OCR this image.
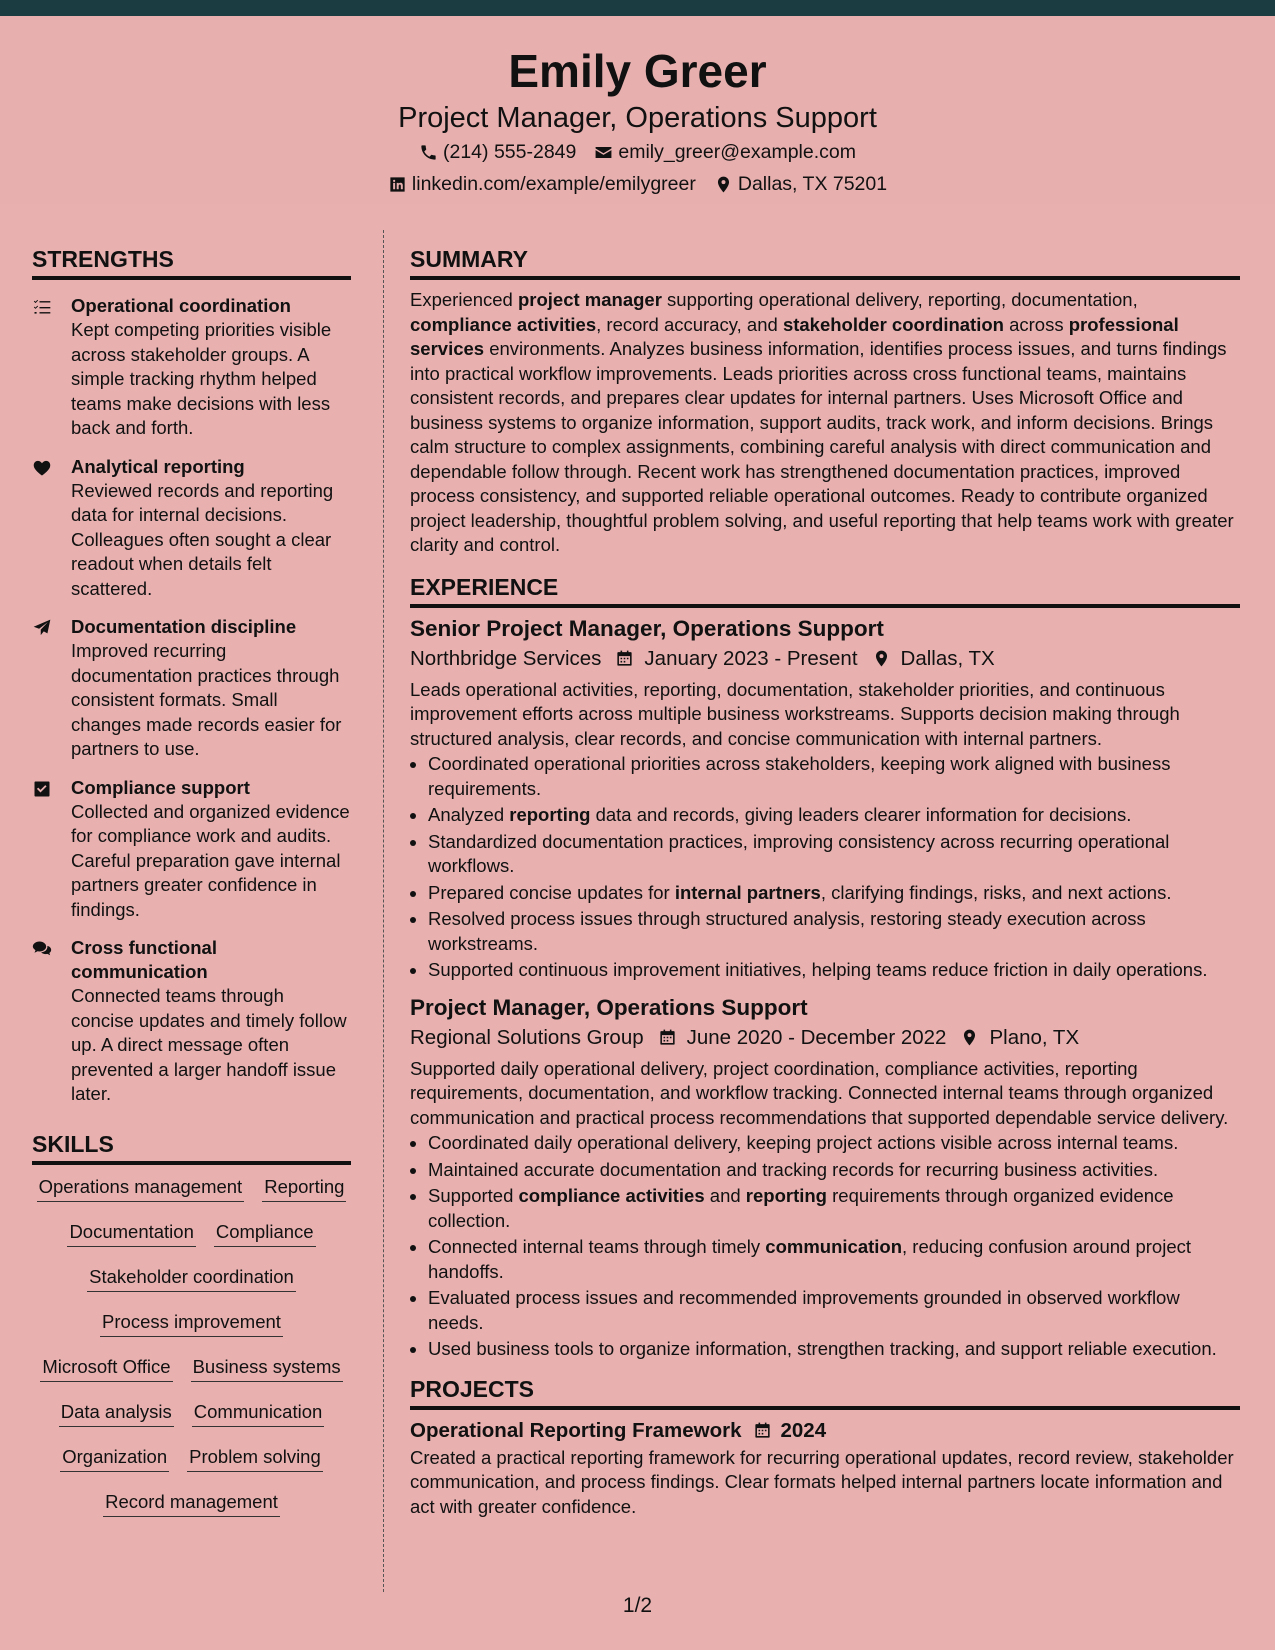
Emily Greer
Project Manager, Operations Support
(214) 555-2849 emily_greer@example.com
linkedin.com/example/emilygreer Dallas, TX 75201
STRENGTHS
Operational coordination
Kept competing priorities visible across stakeholder groups. A simple tracking rhythm helped teams make decisions with less back and forth.
Analytical reporting
Reviewed records and reporting data for internal decisions. Colleagues often sought a clear readout when details felt scattered.
Documentation discipline
Improved recurring documentation practices through consistent formats. Small changes made records easier for partners to use.
Compliance support
Collected and organized evidence for compliance work and audits. Careful preparation gave internal partners greater confidence in findings.
Cross functional communication
Connected teams through concise updates and timely follow up. A direct message often prevented a larger handoff issue later.
SKILLS
Operations management Reporting
Documentation Compliance
Stakeholder coordination
Process improvement
Microsoft Office Business systems
Data analysis Communication
Organization Problem solving
Record management
SUMMARY

Experienced project manager supporting operational delivery, reporting, documentation, compliance activities, record accuracy, and stakeholder coordination across professional services environments. Analyzes business information, identifies process issues, and turns findings into practical workflow improvements. Leads priorities across cross functional teams, maintains consistent records, and prepares clear updates for internal partners. Uses Microsoft Office and business systems to organize information, support audits, track work, and inform decisions. Brings calm structure to complex assignments, combining careful analysis with direct communication and dependable follow through. Recent work has strengthened documentation practices, improved process consistency, and supported reliable operational outcomes. Ready to contribute organized project leadership, thoughtful problem solving, and useful reporting that help teams work with greater clarity and control.

EXPERIENCE
Senior Project Manager, Operations Support
Northbridge Services January 2023 - Present Dallas, TX

Leads operational activities, reporting, documentation, stakeholder priorities, and continuous improvement efforts across multiple business workstreams. Supports decision making through structured analysis, clear records, and concise communication with internal partners.

• Coordinated operational priorities across stakeholders, keeping work aligned with business requirements.
• Analyzed reporting data and records, giving leaders clearer information for decisions.
• Standardized documentation practices, improving consistency across recurring operational workflows.
• Prepared concise updates for internal partners, clarifying findings, risks, and next actions.
• Resolved process issues through structured analysis, restoring steady execution across workstreams.
• Supported continuous improvement initiatives, helping teams reduce friction in daily operations.
Project Manager, Operations Support
Regional Solutions Group June 2020 - December 2022 Plano, TX

Supported daily operational delivery, project coordination, compliance activities, reporting requirements, documentation, and workflow tracking. Connected internal teams through organized communication and practical process recommendations that supported dependable service delivery.

• Coordinated daily operational delivery, keeping project actions visible across internal teams.
• Maintained accurate documentation and tracking records for recurring business activities.
• Supported compliance activities and reporting requirements through organized evidence collection.
• Connected internal teams through timely communication, reducing confusion around project handoffs.
• Evaluated process issues and recommended improvements grounded in observed workflow needs.
• Used business tools to organize information, strengthen tracking, and support reliable execution.
PROJECTS
Operational Reporting Framework 2024

Created a practical reporting framework for recurring operational updates, record review, stakeholder communication, and process findings. Clear formats helped internal partners locate information and act with greater confidence.

1/2
